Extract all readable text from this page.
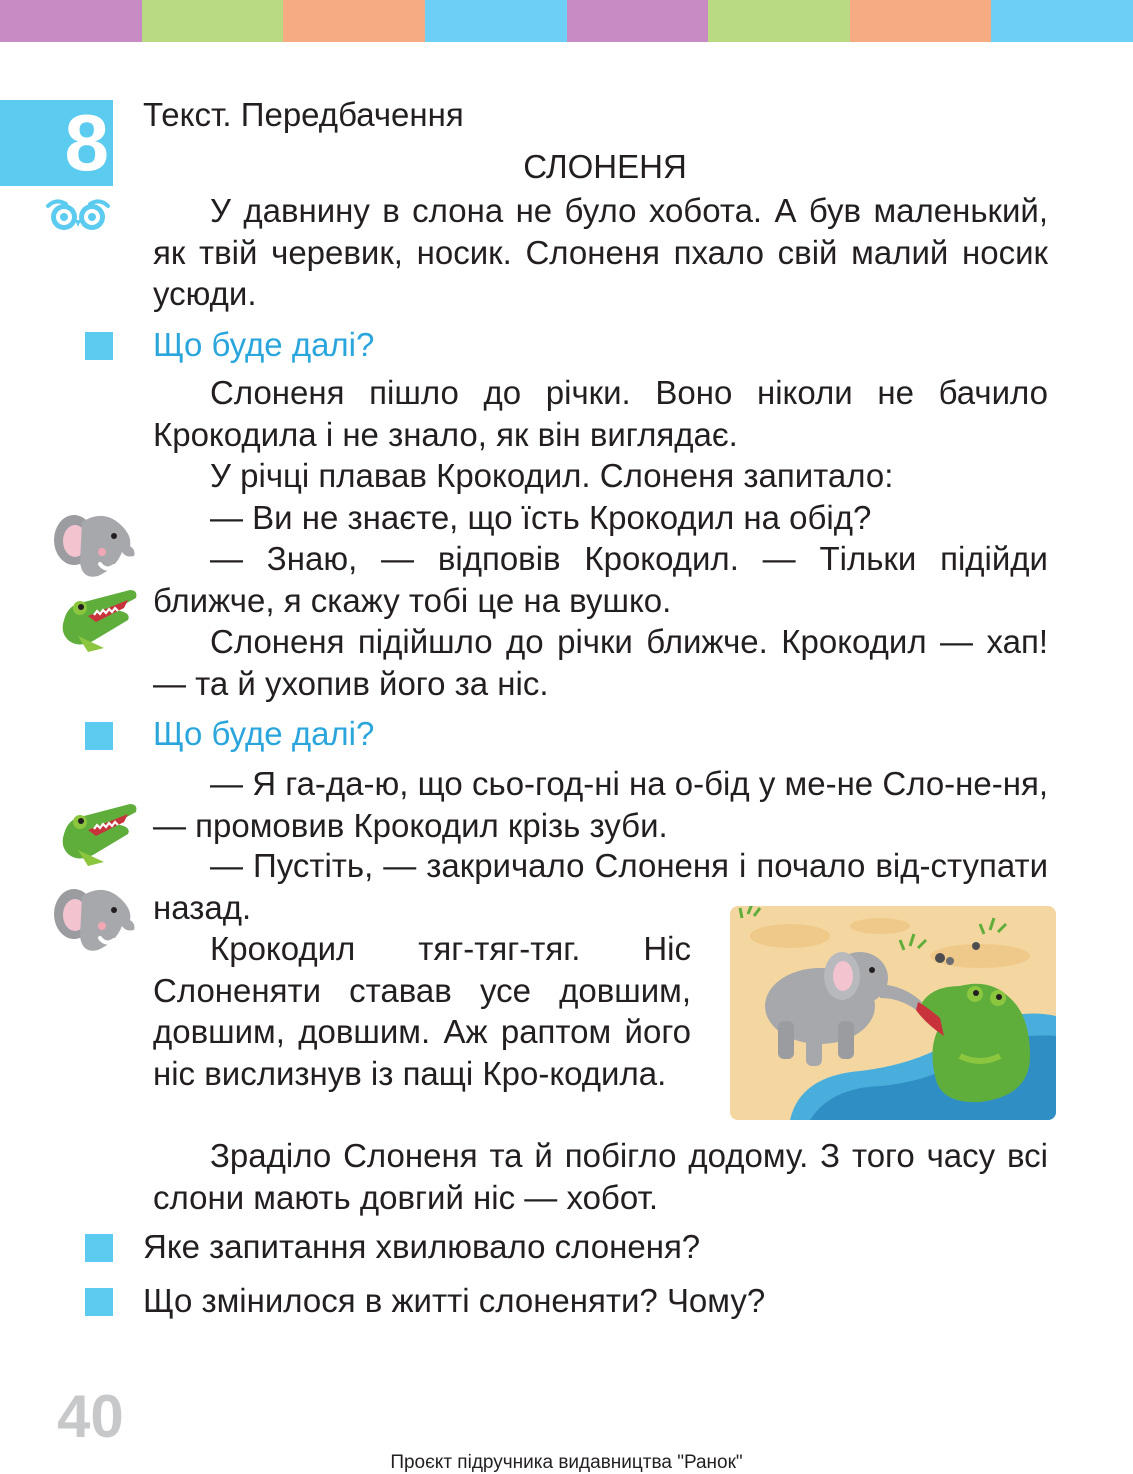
8 Текст. Передбачення
СЛОНЕНЯ
У давнину в слона не було хобота. А був маленький, як твій черевик, носик. Слоненя пхало свій малий носик усюди.
Що буде далі?
Слоненя пішло до річки. Воно ніколи не бачило Крокодила і не знало, як він виглядає.
У річці плавав Крокодил. Слоненя запитало:
— Ви не знаєте, що їсть Крокодил на обід?
— Знаю, — відповів Крокодил. — Тільки підійди ближче, я скажу тобі це на вушко.
Слоненя підійшло до річки ближче. Крокодил — хап! — та й ухопив його за ніс.
Що буде далі?
— Я га-да-ю, що сьо-год-ні на о-бід у ме-не Сло-не-ня, — промовив Крокодил крізь зуби.
— Пустіть, — закричало Слоненя і почало від-ступати назад.
Крокодил тяг-тяг-тяг. Ніс Слоненяти ставав усе довшим, довшим, довшим. Аж раптом його ніс вислизнув із пащі Кро-кодила.
Зраділо Слоненя та й побігло додому. З того часу всі слони мають довгий ніс — хобот.
Яке запитання хвилювало слоненя?
Що змінилося в житті слоненяти? Чому?
40
Проєкт підручника видавництва "Ранок"
